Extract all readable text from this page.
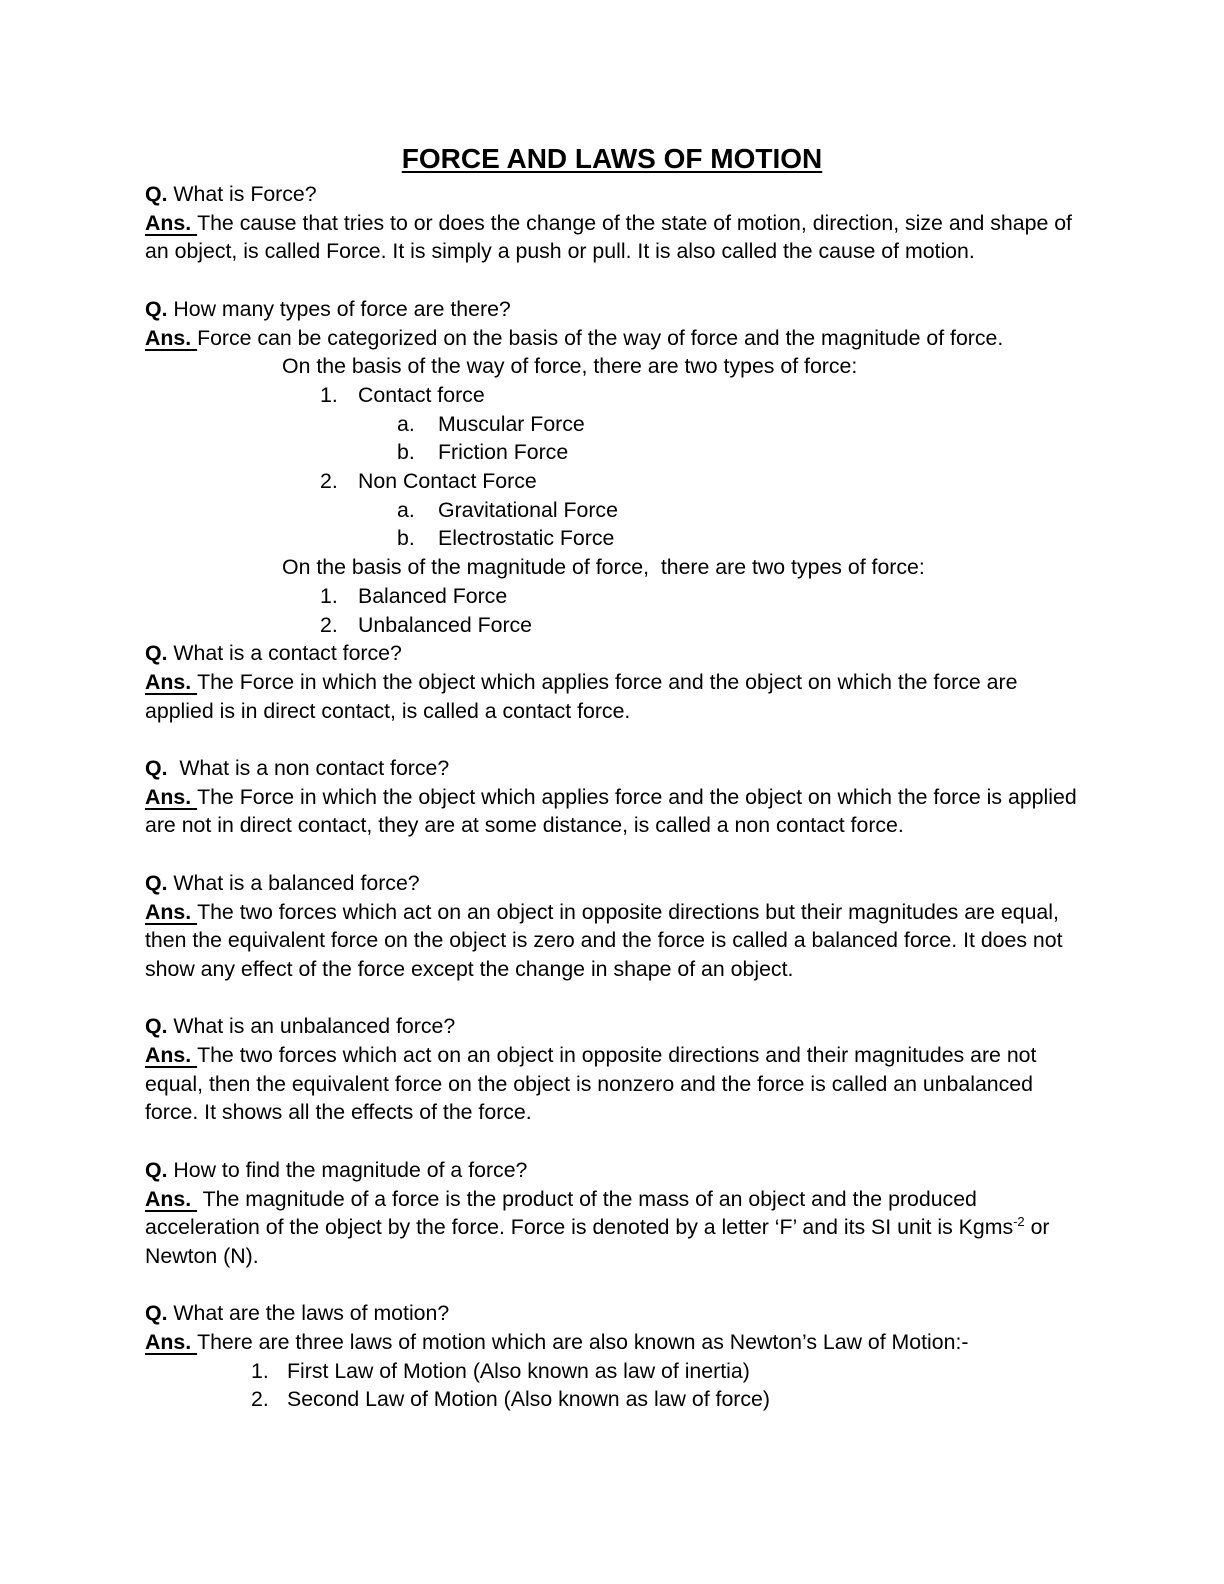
FORCE AND LAWS OF MOTION

Q. What is Force?

Ans. The cause that tries to or does the change of the state of motion, direction, size and shape of an object, is called Force. It is simply a push or pull. It is also called the cause of motion.

Q. How many types of force are there?

Ans. Force can be categorized on the basis of the way of force and the magnitude of force.

On the basis of the way of force, there are two types of force:

1. Contact force

a. Muscular Force

b. Friction Force

2. Non Contact Force

a. Gravitational Force

b. Electrostatic Force

On the basis of the magnitude of force,  there are two types of force:

1. Balanced Force

2. Unbalanced Force

Q. What is a contact force?

Ans. The Force in which the object which applies force and the object on which the force are applied is in direct contact, is called a contact force.

Q.  What is a non contact force?

Ans. The Force in which the object which applies force and the object on which the force is applied are not in direct contact, they are at some distance, is called a non contact force.

Q. What is a balanced force?

Ans. The two forces which act on an object in opposite directions but their magnitudes are equal, then the equivalent force on the object is zero and the force is called a balanced force. It does not show any effect of the force except the change in shape of an object.

Q. What is an unbalanced force?

Ans. The two forces which act on an object in opposite directions and their magnitudes are not equal, then the equivalent force on the object is nonzero and the force is called an unbalanced force. It shows all the effects of the force.

Q. How to find the magnitude of a force?

Ans.  The magnitude of a force is the product of the mass of an object and the produced acceleration of the object by the force. Force is denoted by a letter ‘F’ and its SI unit is Kgms$^{-2}$ or Newton (N).

Q. What are the laws of motion?

Ans. There are three laws of motion which are also known as Newton’s Law of Motion:-

1. First Law of Motion (Also known as law of inertia)

2. Second Law of Motion (Also known as law of force)
